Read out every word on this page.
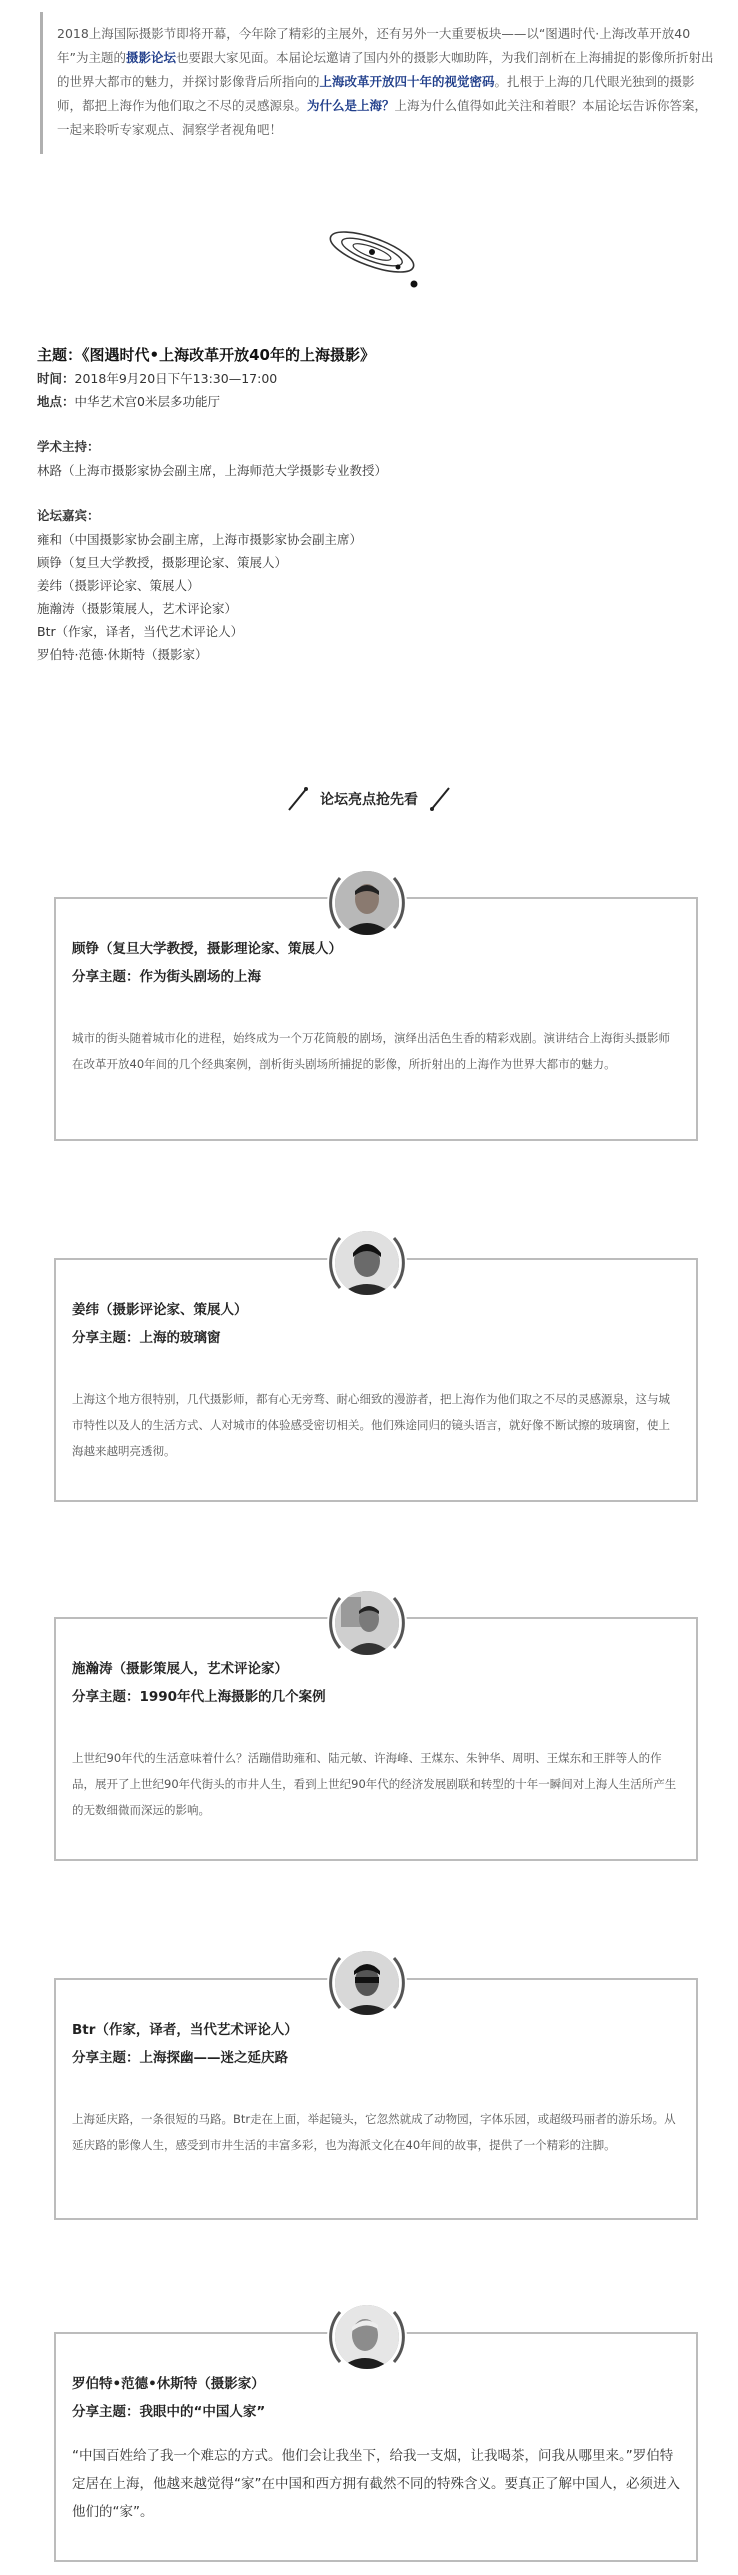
2018上海国际摄影节即将开幕，今年除了精彩的主展外，还有另外一大重要板块——以“图遇时代·上海改革开放40年”为主题的摄影论坛也要跟大家见面。本届论坛邀请了国内外的摄影大咖助阵，为我们剖析在上海捕捉的影像所折射出的世界大都市的魅力，并探讨影像背后所指向的上海改革开放四十年的视觉密码。扎根于上海的几代眼光独到的摄影师，都把上海作为他们取之不尽的灵感源泉。为什么是上海？上海为什么值得如此关注和着眼？本届论坛告诉你答案，一起来聆听专家观点、洞察学者视角吧！
主题：《图遇时代•上海改革开放40年的上海摄影》
时间：2018年9月20日下午13:30—17:00
地点：中华艺术宫0米层多功能厅
学术主持：
林路（上海市摄影家协会副主席，上海师范大学摄影专业教授）
论坛嘉宾：
雍和（中国摄影家协会副主席，上海市摄影家协会副主席）
顾铮（复旦大学教授，摄影理论家、策展人）
姜纬（摄影评论家、策展人）
施瀚涛（摄影策展人，艺术评论家）
Btr（作家，译者，当代艺术评论人）
罗伯特·范德·休斯特（摄影家）
论坛亮点抢先看
顾铮（复旦大学教授，摄影理论家、策展人）
分享主题：作为街头剧场的上海
城市的街头随着城市化的进程，始终成为一个万花筒般的剧场，演绎出活色生香的精彩戏剧。演讲结合上海街头摄影师在改革开放40年间的几个经典案例，剖析街头剧场所捕捉的影像，所折射出的上海作为世界大都市的魅力。
姜纬（摄影评论家、策展人）
分享主题：上海的玻璃窗
上海这个地方很特别，几代摄影师，都有心无旁骛、耐心细致的漫游者，把上海作为他们取之不尽的灵感源泉，这与城市特性以及人的生活方式、人对城市的体验感受密切相关。他们殊途同归的镜头语言，就好像不断试擦的玻璃窗，使上海越来越明亮透彻。
施瀚涛（摄影策展人，艺术评论家）
分享主题：1990年代上海摄影的几个案例
上世纪90年代的生活意味着什么？活蹦借助雍和、陆元敏、许海峰、王煤东、朱钟华、周明、王煤东和王胖等人的作品，展开了上世纪90年代街头的市井人生，看到上世纪90年代的经济发展剧联和转型的十年一瞬间对上海人生活所产生的无数细微而深远的影响。
Btr（作家，译者，当代艺术评论人）
分享主题：上海探幽——迷之延庆路
上海延庆路，一条很短的马路。Btr走在上面，举起镜头，它忽然就成了动物园，字体乐园，或超级玛丽者的游乐场。从延庆路的影像人生，感受到市井生活的丰富多彩，也为海派文化在40年间的故事，提供了一个精彩的注脚。
罗伯特•范德•休斯特（摄影家）
分享主题：我眼中的“中国人家”
“中国百姓给了我一个难忘的方式。他们会让我坐下，给我一支烟，让我喝茶，问我从哪里来。”罗伯特定居在上海，他越来越觉得“家”在中国和西方拥有截然不同的特殊含义。要真正了解中国人，必须进入他们的“家”。
